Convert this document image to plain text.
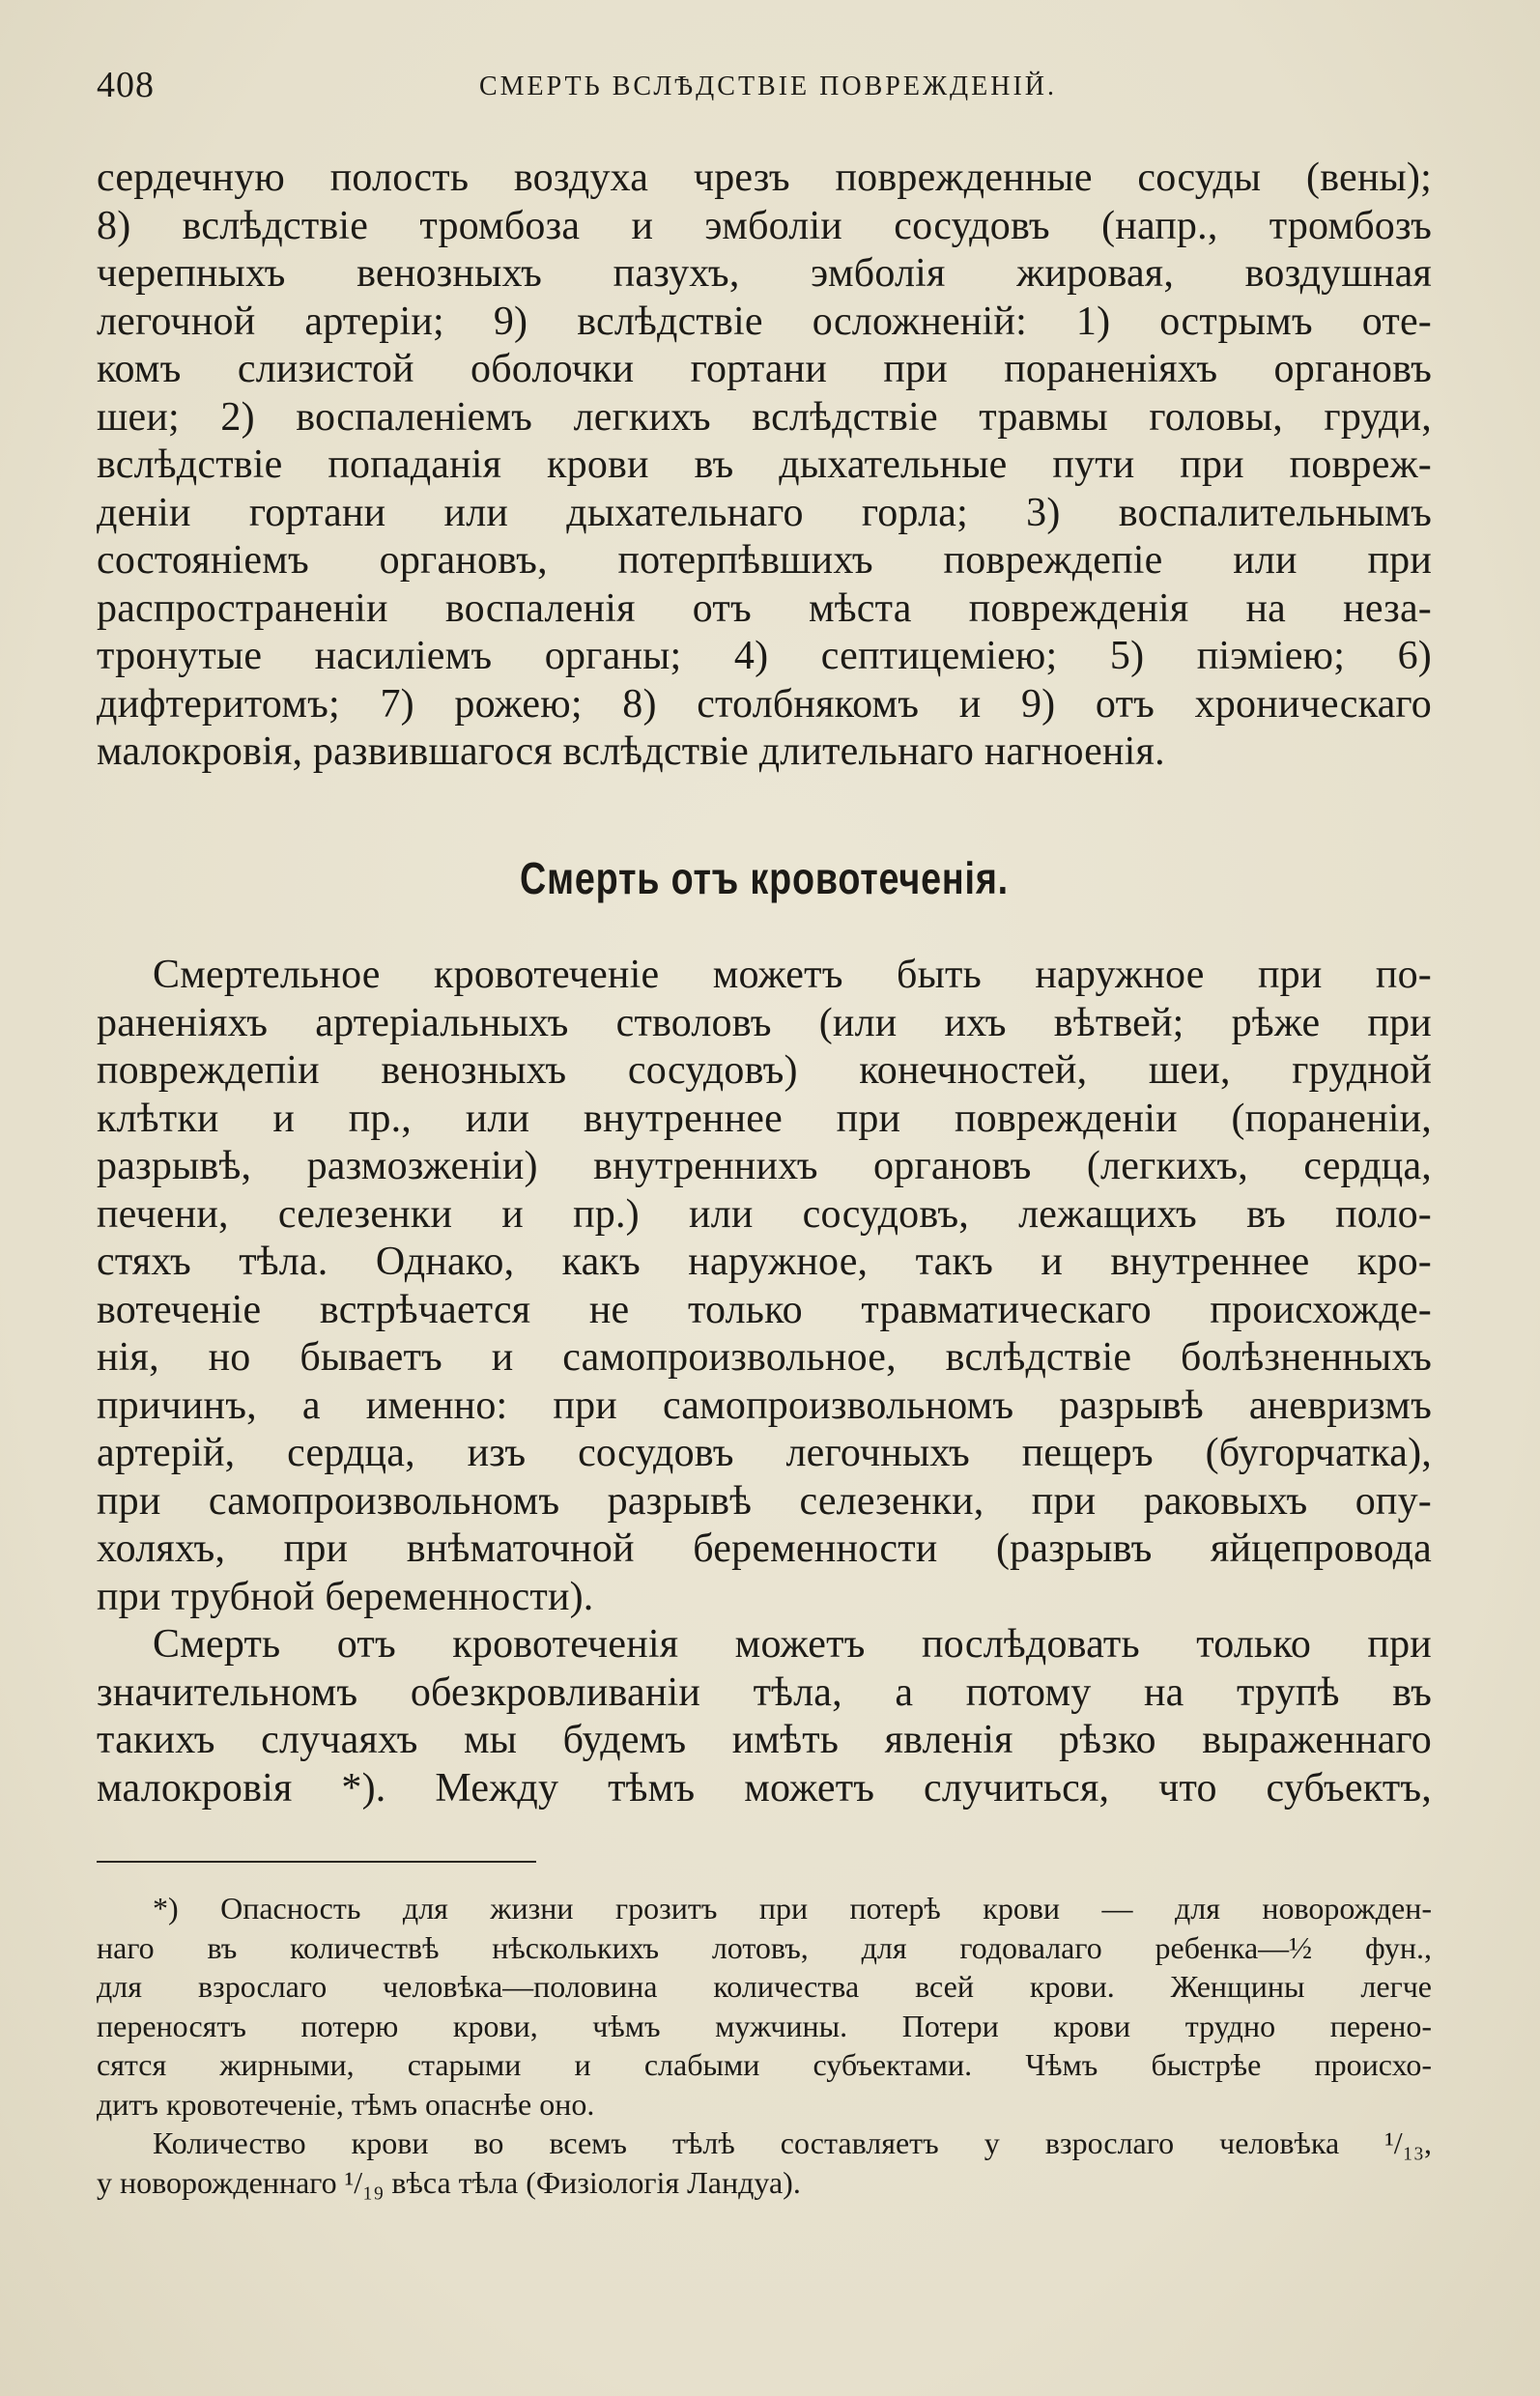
408	СМЕРТЬ ВСЛѢДСТВІЕ ПОВРЕЖДЕНІЙ.
сердечную полость воздуха чрезъ поврежденные сосуды (вены);
8) вслѣдствіе тромбоза и эмболіи сосудовъ (напр., тромбозъ
черепныхъ венозныхъ пазухъ, эмболія жировая, воздушная
легочной артеріи; 9) вслѣдствіе осложненій: 1) острымъ оте-
комъ слизистой оболочки гортани при пораненіяхъ органовъ
шеи; 2) воспаленіемъ легкихъ вслѣдствіе травмы головы, груди,
вслѣдствіе попаданія крови въ дыхательные пути при повреж-
деніи гортани или дыхательнаго горла; 3) воспалительнымъ
состояніемъ органовъ, потерпѣвшихъ повреждепіе или при
распространеніи воспаленія отъ мѣста поврежденія на неза-
тронутые насиліемъ органы; 4) септицеміею; 5) піэміею; 6)
дифтеритомъ; 7) рожею; 8) столбнякомъ и 9) отъ хроническаго
малокровія, развившагося вслѣдствіе длительнаго нагноенія.
Смерть отъ кровотеченія.
Смертельное кровотеченіе можетъ быть наружное при по-
раненіяхъ артеріальныхъ стволовъ (или ихъ вѣтвей; рѣже при
повреждепіи венозныхъ сосудовъ) конечностей, шеи, грудной
клѣтки и пр., или внутреннее при поврежденіи (пораненіи,
разрывѣ, размозженіи) внутреннихъ органовъ (легкихъ, сердца,
печени, селезенки и пр.) или сосудовъ, лежащихъ въ поло-
стяхъ тѣла. Однако, какъ наружное, такъ и внутреннее кро-
вотеченіе встрѣчается не только травматическаго происхожде-
нія, но бываетъ и самопроизвольное, вслѣдствіе болѣзненныхъ
причинъ, а именно: при самопроизвольномъ разрывѣ аневризмъ
артерій, сердца, изъ сосудовъ легочныхъ пещеръ (бугорчатка),
при самопроизвольномъ разрывѣ селезенки, при раковыхъ опу-
холяхъ, при внѣматочной беременности (разрывъ яйцепровода
при трубной беременности).
Смерть отъ кровотеченія можетъ послѣдовать только при
значительномъ обезкровливаніи тѣла, а потому на трупѣ въ
такихъ случаяхъ мы будемъ имѣть явленія рѣзко выраженнаго
малокровія *). Между тѣмъ можетъ случиться, что субъектъ,
*) Опасность для жизни грозитъ при потерѣ крови — для новорожден-
наго въ количествѣ нѣсколькихъ лотовъ, для годовалаго ребенка—½ фун.,
для взрослаго человѣка—половина количества всей крови. Женщины легче
переносятъ потерю крови, чѣмъ мужчины. Потери крови трудно перено-
сятся жирными, старыми и слабыми субъектами. Чѣмъ быстрѣе происхо-
дитъ кровотеченіе, тѣмъ опаснѣе оно.
Количество крови во всемъ тѣлѣ составляетъ у взрослаго человѣка ¹/₁₃,
у новорожденнаго ¹/₁₉ вѣса тѣла (Физіологія Ландуа).
